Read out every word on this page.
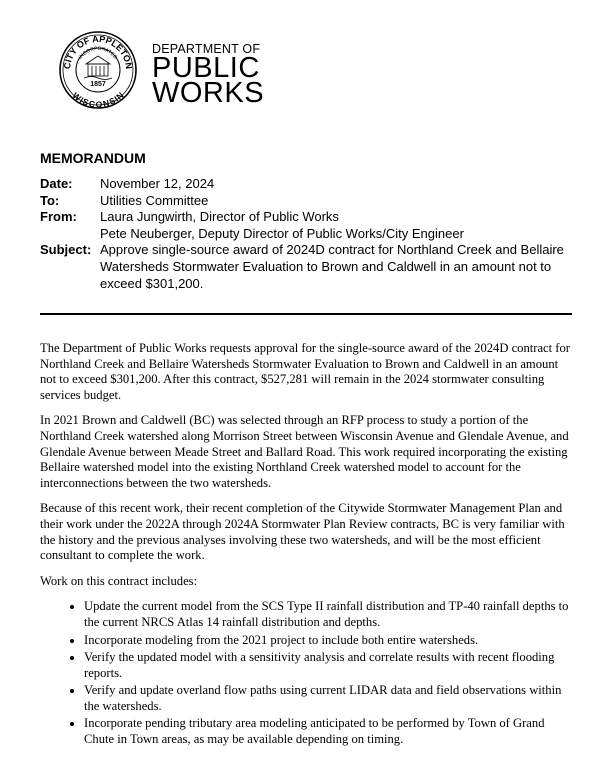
CITY OF APPLETON
WISCONSIN
INCORPORATED
1857
DEPARTMENT OF
PUBLIC
WORKS
MEMORANDUM
Date:	November 12, 2024
To:	Utilities Committee
From:	Laura Jungwirth, Director of Public Works
Pete Neuberger, Deputy Director of Public Works/City Engineer
Subject: Approve single-source award of 2024D contract for Northland Creek and Bellaire Watersheds Stormwater Evaluation to Brown and Caldwell in an amount not to exceed $301,200.

The Department of Public Works requests approval for the single-source award of the 2024D contract for Northland Creek and Bellaire Watersheds Stormwater Evaluation to Brown and Caldwell in an amount not to exceed $301,200. After this contract, $527,281 will remain in the 2024 stormwater consulting services budget.

In 2021 Brown and Caldwell (BC) was selected through an RFP process to study a portion of the Northland Creek watershed along Morrison Street between Wisconsin Avenue and Glendale Avenue, and Glendale Avenue between Meade Street and Ballard Road. This work required incorporating the existing Bellaire watershed model into the existing Northland Creek watershed model to account for the interconnections between the two watersheds.

Because of this recent work, their recent completion of the Citywide Stormwater Management Plan and their work under the 2022A through 2024A Stormwater Plan Review contracts, BC is very familiar with the history and the previous analyses involving these two watersheds, and will be the most efficient consultant to complete the work.

Work on this contract includes:

• Update the current model from the SCS Type II rainfall distribution and TP-40 rainfall depths to the current NRCS Atlas 14 rainfall distribution and depths.
• Incorporate modeling from the 2021 project to include both entire watersheds.
• Verify the updated model with a sensitivity analysis and correlate results with recent flooding reports.
• Verify and update overland flow paths using current LIDAR data and field observations within the watersheds.
• Incorporate pending tributary area modeling anticipated to be performed by Town of Grand Chute in Town areas, as may be available depending on timing.
